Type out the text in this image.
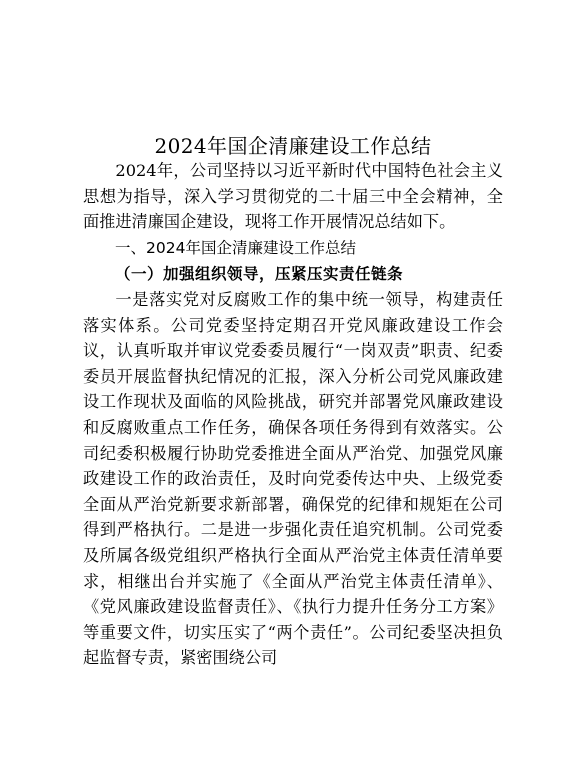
2024年国企清廉建设工作总结

2024年，公司坚持以习近平新时代中国特色社会主义思想为指导，深入学习贯彻党的二十届三中全会精神，全面推进清廉国企建设，现将工作开展情况总结如下。

一、2024年国企清廉建设工作总结
（一）加强组织领导，压紧压实责任链条

一是落实党对反腐败工作的集中统一领导，构建责任落实体系。公司党委坚持定期召开党风廉政建设工作会议，认真听取并审议党委委员履行“一岗双责”职责、纪委委员开展监督执纪情况的汇报，深入分析公司党风廉政建设工作现状及面临的风险挑战，研究并部署党风廉政建设和反腐败重点工作任务，确保各项任务得到有效落实。公司纪委积极履行协助党委推进全面从严治党、加强党风廉政建设工作的政治责任，及时向党委传达中央、上级党委全面从严治党新要求新部署，确保党的纪律和规矩在公司得到严格执行。二是进一步强化责任追究机制。公司党委及所属各级党组织严格执行全面从严治党主体责任清单要求，相继出台并实施了《全面从严治党主体责任清单》、《党风廉政建设监督责任》、《执行力提升任务分工方案》等重要文件，切实压实了“两个责任”。公司纪委坚决担负起监督专责，紧密围绕公司
